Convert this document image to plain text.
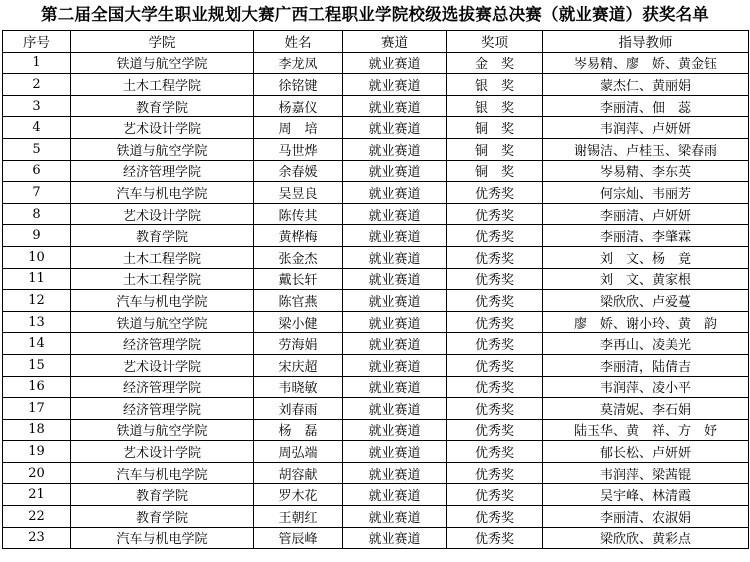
第二届全国大学生职业规划大赛广西工程职业学院校级选拔赛总决赛（就业赛道）获奖名单
序号	学院	姓名	赛道	奖项	指导教师
1	铁道与航空学院	李龙凤	就业赛道	金　奖	岑易精、廖　娇、黄金钰
2	土木工程学院	徐铭键	就业赛道	银　奖	蒙杰仁、黄丽娟
3	教育学院	杨嘉仪	就业赛道	银　奖	李丽清、佃　蕊
4	艺术设计学院	周　培	就业赛道	铜　奖	韦润萍、卢妍妍
5	铁道与航空学院	马世烨	就业赛道	铜　奖	谢锡洁、卢桂玉、梁春雨
6	经济管理学院	余春媛	就业赛道	铜　奖	岑易精、李东英
7	汽车与机电学院	吴昱良	就业赛道	优秀奖	何宗灿、韦丽芳
8	艺术设计学院	陈传其	就业赛道	优秀奖	李丽清、卢妍妍
9	教育学院	黄桦梅	就业赛道	优秀奖	李丽清、李肇霖
10	土木工程学院	张金杰	就业赛道	优秀奖	刘　文、杨　竟
11	土木工程学院	戴长轩	就业赛道	优秀奖	刘　文、黄家根
12	汽车与机电学院	陈官燕	就业赛道	优秀奖	梁欣欣、卢爱蔓
13	铁道与航空学院	梁小健	就业赛道	优秀奖	廖　娇、谢小玲、黄　韵
14	经济管理学院	劳海娟	就业赛道	优秀奖	李再山、凌美光
15	艺术设计学院	宋庆超	就业赛道	优秀奖	李丽清，陆倩吉
16	经济管理学院	韦晓敏	就业赛道	优秀奖	韦润萍、凌小平
17	经济管理学院	刘春雨	就业赛道	优秀奖	莫清妮、李石娟
18	铁道与航空学院	杨　磊	就业赛道	优秀奖	陆玉华、黄　祥、方　妤
19	艺术设计学院	周弘端	就业赛道	优秀奖	郁长松、卢妍妍
20	汽车与机电学院	胡容献	就业赛道	优秀奖	韦润萍、梁茜锟
21	教育学院	罗木花	就业赛道	优秀奖	吴宇峰、林清霞
22	教育学院	王朝红	就业赛道	优秀奖	李丽清、农淑娟
23	汽车与机电学院	管辰峰	就业赛道	优秀奖	梁欣欣、黄彩点
